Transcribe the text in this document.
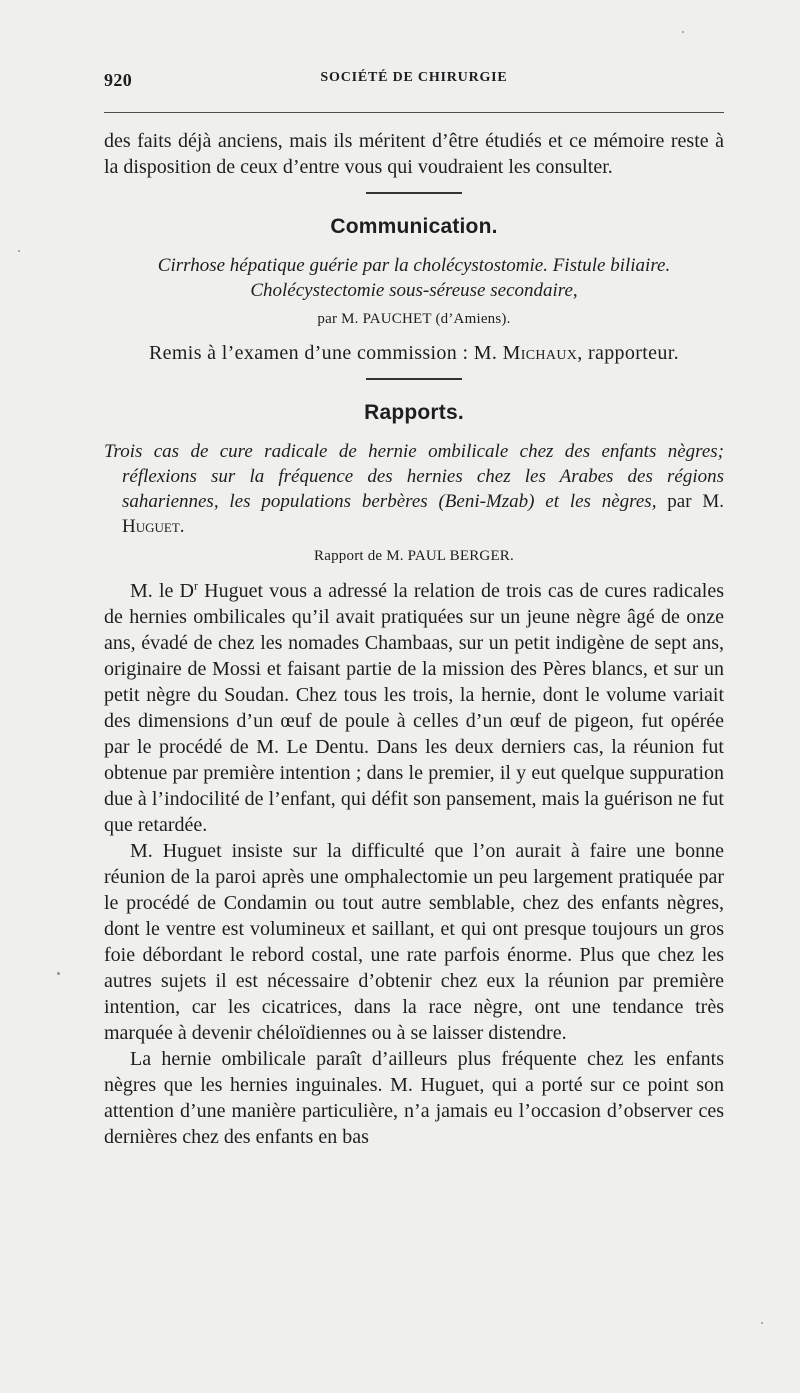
920	SOCIÉTÉ DE CHIRURGIE

des faits déjà anciens, mais ils méritent d’être étudiés et ce mémoire reste à la disposition de ceux d’entre vous qui voudraient les consulter.

Communication.

Cirrhose hépatique guérie par la cholécystostomie. Fistule biliaire.

Cholécystectomie sous-séreuse secondaire,

par M. PAUCHET (d’Amiens).

Remis à l’examen d’une commission : M. Michaux, rapporteur.

Rapports.

Trois cas de cure radicale de hernie ombilicale chez des enfants nègres; réflexions sur la fréquence des hernies chez les Arabes des régions sahariennes, les populations berbères (Beni-Mzab) et les nègres, par M. Huguet.

Rapport de M. PAUL BERGER.

M. le $D^r$ Huguet vous a adressé la relation de trois cas de cures radicales de hernies ombilicales qu’il avait pratiquées sur un jeune nègre âgé de onze ans, évadé de chez les nomades Chambaas, sur un petit indigène de sept ans, originaire de Mossi et faisant partie de la mission des Pères blancs, et sur un petit nègre du Soudan. Chez tous les trois, la hernie, dont le volume variait des dimensions d’un œuf de poule à celles d’un œuf de pigeon, fut opérée par le procédé de M. Le Dentu. Dans les deux derniers cas, la réunion fut obtenue par première intention ; dans le premier, il y eut quelque suppuration due à l’indocilité de l’enfant, qui défit son pansement, mais la guérison ne fut que retardée.

M. Huguet insiste sur la difficulté que l’on aurait à faire une bonne réunion de la paroi après une omphalectomie un peu largement pratiquée par le procédé de Condamin ou tout autre semblable, chez des enfants nègres, dont le ventre est volumineux et saillant, et qui ont presque toujours un gros foie débordant le rebord costal, une rate parfois énorme. Plus que chez les autres sujets il est nécessaire d’obtenir chez eux la réunion par première intention, car les cicatrices, dans la race nègre, ont une tendance très marquée à devenir chéloïdiennes ou à se laisser distendre.

La hernie ombilicale paraît d’ailleurs plus fréquente chez les enfants nègres que les hernies inguinales. M. Huguet, qui a porté sur ce point son attention d’une manière particulière, n’a jamais eu l’occasion d’observer ces dernières chez des enfants en bas
